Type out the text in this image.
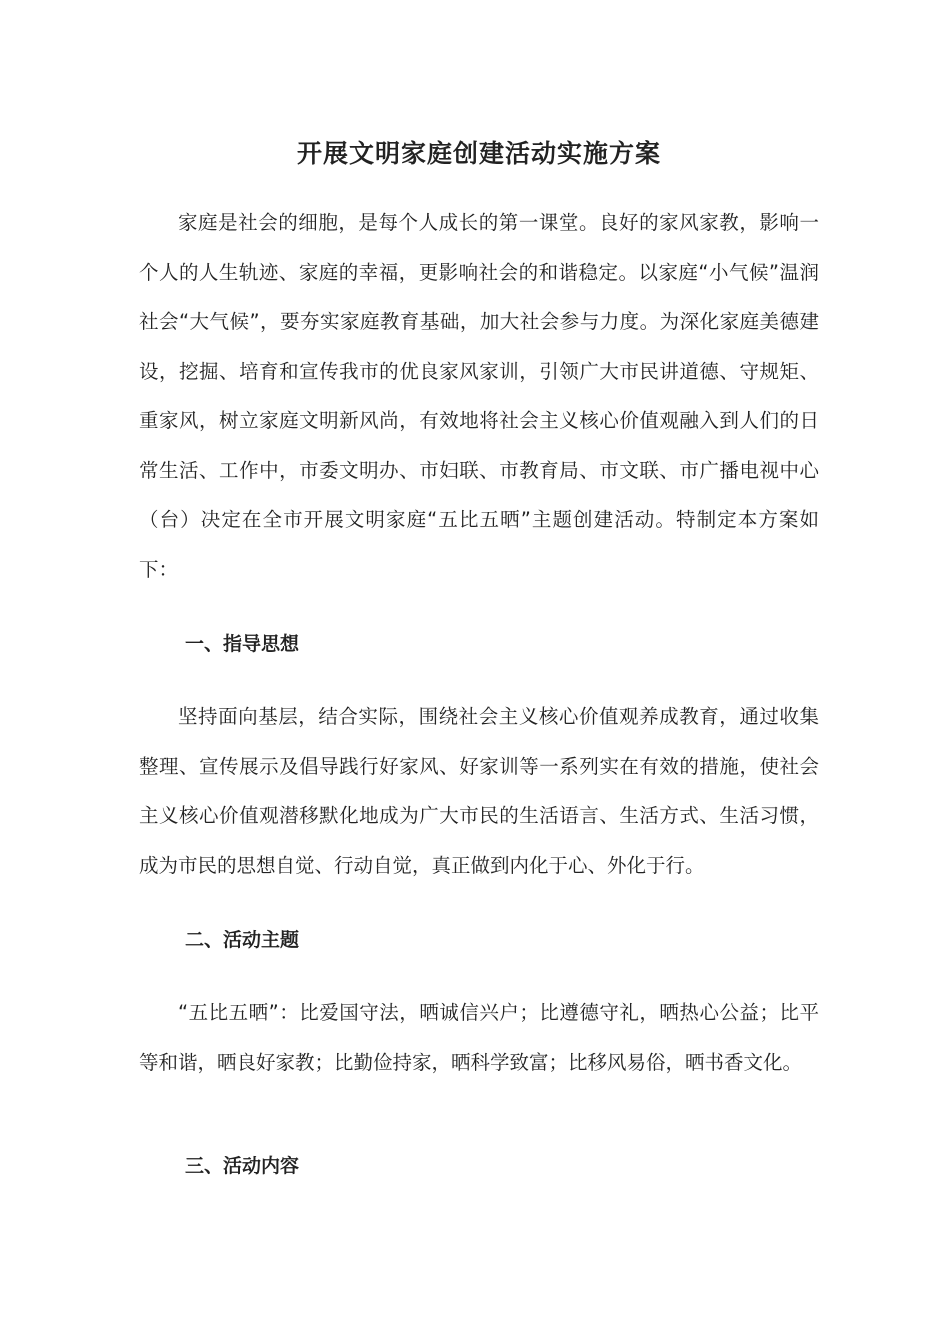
开展文明家庭创建活动实施方案

家庭是社会的细胞，是每个人成长的第一课堂。良好的家风家教，影响一个人的人生轨迹、家庭的幸福，更影响社会的和谐稳定。以家庭“小气候”温润社会“大气候”，要夯实家庭教育基础，加大社会参与力度。为深化家庭美德建设，挖掘、培育和宣传我市的优良家风家训，引领广大市民讲道德、守规矩、重家风，树立家庭文明新风尚，有效地将社会主义核心价值观融入到人们的日常生活、工作中，市委文明办、市妇联、市教育局、市文联、市广播电视中心（台）决定在全市开展文明家庭“五比五晒”主题创建活动。特制定本方案如下：

一、指导思想

坚持面向基层，结合实际，围绕社会主义核心价值观养成教育，通过收集整理、宣传展示及倡导践行好家风、好家训等一系列实在有效的措施，使社会主义核心价值观潜移默化地成为广大市民的生活语言、生活方式、生活习惯，成为市民的思想自觉、行动自觉，真正做到内化于心、外化于行。

二、活动主题

“五比五晒”：比爱国守法，晒诚信兴户；比遵德守礼，晒热心公益；比平等和谐，晒良好家教；比勤俭持家，晒科学致富；比移风易俗，晒书香文化。

三、活动内容
